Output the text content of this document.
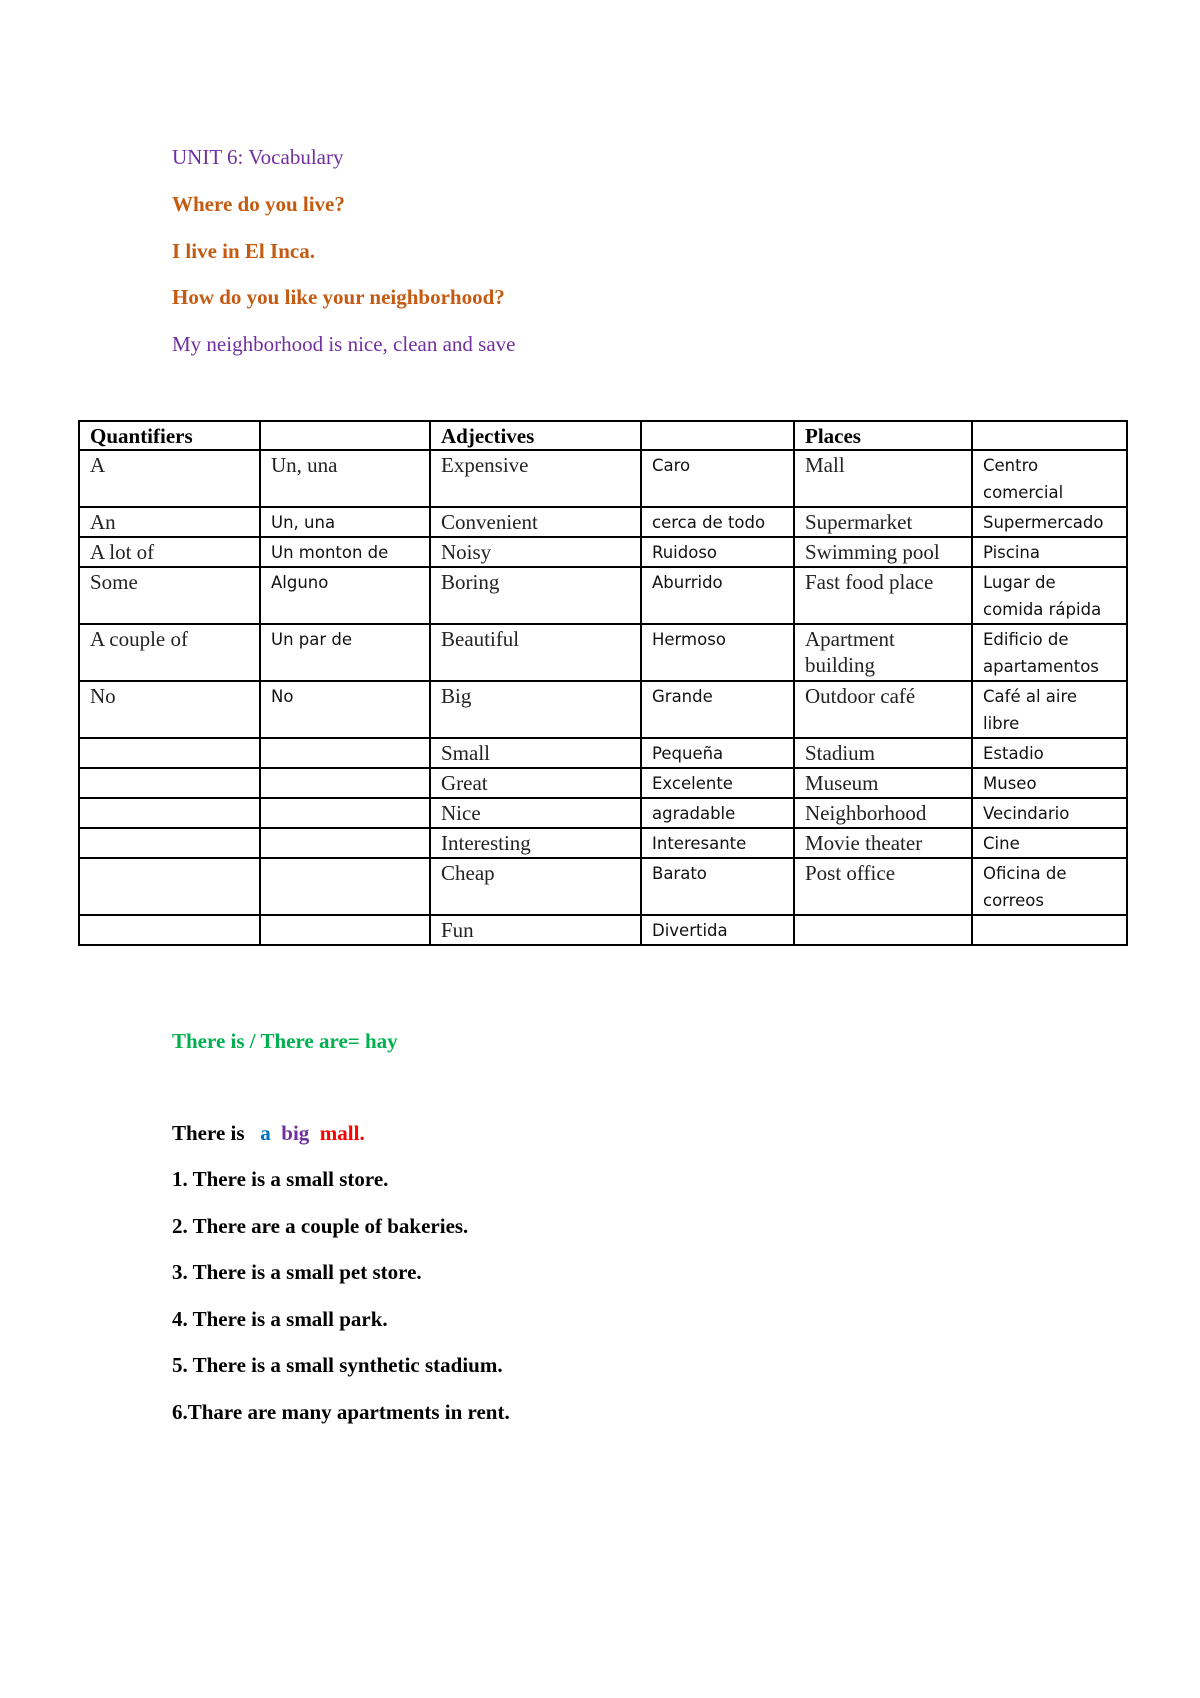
UNIT 6: Vocabulary
Where do you live?
I live in El Inca.
How do you like your neighborhood?
My neighborhood is nice, clean and save
Quantifiers		Adjectives		Places	
A	Un, una	Expensive	Caro	Mall	Centro comercial
An	Un, una	Convenient	cerca de todo	Supermarket	Supermercado
A lot of	Un monton de	Noisy	Ruidoso	Swimming pool	Piscina
Some	Alguno	Boring	Aburrido	Fast food place	Lugar de comida rápida
A couple of	Un par de	Beautiful	Hermoso	Apartment building	Edificio de apartamentos
No	No	Big	Grande	Outdoor café	Café al aire libre
		Small	Pequeña	Stadium	Estadio
		Great	Excelente	Museum	Museo
		Nice	agradable	Neighborhood	Vecindario
		Interesting	Interesante	Movie theater	Cine
		Cheap	Barato	Post office	Oficina de correos
		Fun	Divertida		
There is / There are= hay
There is a big mall.
1. There is a small store.
2. There are a couple of bakeries.
3. There is a small pet store.
4. There is a small park.
5. There is a small synthetic stadium.
6.Thare are many apartments in rent.
